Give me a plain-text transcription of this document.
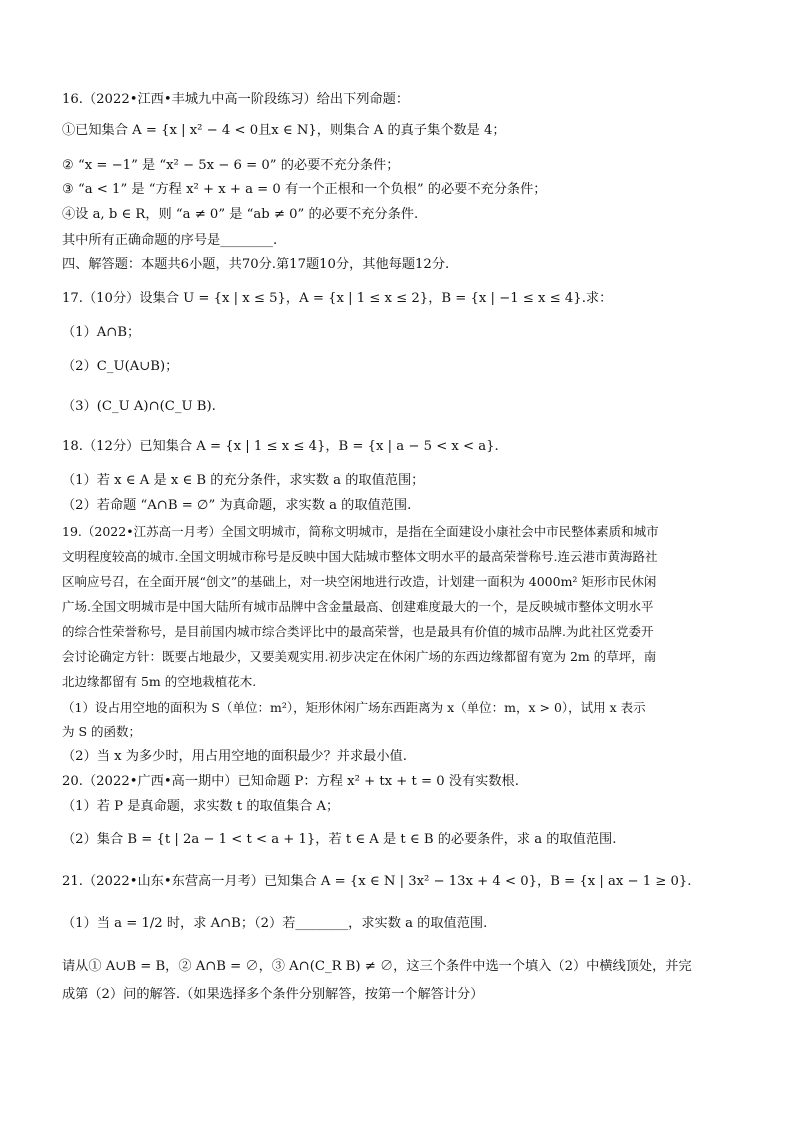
16.（2022•江西•丰城九中高一阶段练习）给出下列命题：
①已知集合 A = {x | x² − 4 < 0且x ∈ N}，则集合 A 的真子集个数是 4；
② “x = −1” 是 “x² − 5x − 6 = 0” 的必要不充分条件；
③ “a < 1” 是 “方程 x² + x + a = 0 有一个正根和一个负根” 的必要不充分条件；
④设 a, b ∈ R，则 “a ≠ 0” 是 “ab ≠ 0” 的必要不充分条件.
其中所有正确命题的序号是________.
四、解答题：本题共6小题，共70分.第17题10分，其他每题12分.
17.（10分）设集合 U = {x | x ≤ 5}，A = {x | 1 ≤ x ≤ 2}，B = {x | −1 ≤ x ≤ 4}.求：
（1）A∩B；
（2）C_U(A∪B)；
（3）(C_U A)∩(C_U B).
18.（12分）已知集合 A = {x | 1 ≤ x ≤ 4}，B = {x | a − 5 < x < a}.
（1）若 x ∈ A 是 x ∈ B 的充分条件，求实数 a 的取值范围；
（2）若命题 “A∩B = ∅” 为真命题，求实数 a 的取值范围.
19.（2022•江苏高一月考）全国文明城市，简称文明城市，是指在全面建设小康社会中市民整体素质和城市
文明程度较高的城市.全国文明城市称号是反映中国大陆城市整体文明水平的最高荣誉称号.连云港市黄海路社
区响应号召，在全面开展“创文”的基础上，对一块空闲地进行改造，计划建一面积为 4000m² 矩形市民休闲
广场.全国文明城市是中国大陆所有城市品牌中含金量最高、创建难度最大的一个，是反映城市整体文明水平
的综合性荣誉称号，是目前国内城市综合类评比中的最高荣誉，也是最具有价值的城市品牌.为此社区党委开
会讨论确定方针：既要占地最少，又要美观实用.初步决定在休闲广场的东西边缘都留有宽为 2m 的草坪，南
北边缘都留有 5m 的空地栽植花木.
（1）设占用空地的面积为 S（单位：m²），矩形休闲广场东西距离为 x（单位：m，x > 0），试用 x 表示
为 S 的函数；
（2）当 x 为多少时，用占用空地的面积最少？并求最小值.
20.（2022•广西•高一期中）已知命题 P：方程 x² + tx + t = 0 没有实数根.
（1）若 P 是真命题，求实数 t 的取值集合 A；
（2）集合 B = {t | 2a − 1 < t < a + 1}，若 t ∈ A 是 t ∈ B 的必要条件，求 a 的取值范围.
21.（2022•山东•东营高一月考）已知集合 A = {x ∈ N | 3x² − 13x + 4 < 0}，B = {x | ax − 1 ≥ 0}.
（1）当 a = 1/2 时，求 A∩B；（2）若________，求实数 a 的取值范围.
请从① A∪B = B，② A∩B = ∅，③ A∩(C_R B) ≠ ∅，这三个条件中选一个填入（2）中横线顶处，并完
成第（2）问的解答.（如果选择多个条件分别解答，按第一个解答计分）
